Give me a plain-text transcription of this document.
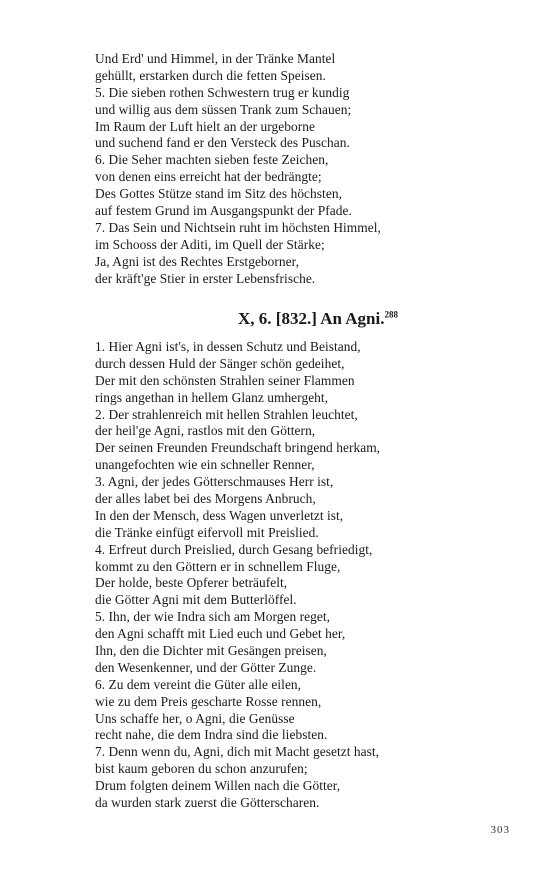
Und Erd' und Himmel, in der Tränke Mantel
gehüllt, erstarken durch die fetten Speisen.
5. Die sieben rothen Schwestern trug er kundig
und willig aus dem süssen Trank zum Schauen;
Im Raum der Luft hielt an der urgeborne
und suchend fand er den Versteck des Puschan.
6. Die Seher machten sieben feste Zeichen,
von denen eins erreicht hat der bedrängte;
Des Gottes Stütze stand im Sitz des höchsten,
auf festem Grund im Ausgangspunkt der Pfade.
7. Das Sein und Nichtsein ruht im höchsten Himmel,
im Schooss der Aditi, im Quell der Stärke;
Ja, Agni ist des Rechtes Erstgeborner,
der kräft'ge Stier in erster Lebensfrische.
X, 6. [832.] An Agni.$^{288}$
1. Hier Agni ist's, in dessen Schutz und Beistand,
durch dessen Huld der Sänger schön gedeihet,
Der mit den schönsten Strahlen seiner Flammen
rings angethan in hellem Glanz umhergeht,
2. Der strahlenreich mit hellen Strahlen leuchtet,
der heil'ge Agni, rastlos mit den Göttern,
Der seinen Freunden Freundschaft bringend herkam,
unangefochten wie ein schneller Renner,
3. Agni, der jedes Götterschmauses Herr ist,
der alles labet bei des Morgens Anbruch,
In den der Mensch, dess Wagen unverletzt ist,
die Tränke einfügt eifervoll mit Preislied.
4. Erfreut durch Preislied, durch Gesang befriedigt,
kommt zu den Göttern er in schnellem Fluge,
Der holde, beste Opferer beträufelt,
die Götter Agni mit dem Butterlöffel.
5. Ihn, der wie Indra sich am Morgen reget,
den Agni schafft mit Lied euch und Gebet her,
Ihn, den die Dichter mit Gesängen preisen,
den Wesenkenner, und der Götter Zunge.
6. Zu dem vereint die Güter alle eilen,
wie zu dem Preis gescharte Rosse rennen,
Uns schaffe her, o Agni, die Genüsse
recht nahe, die dem Indra sind die liebsten.
7. Denn wenn du, Agni, dich mit Macht gesetzt hast,
bist kaum geboren du schon anzurufen;
Drum folgten deinem Willen nach die Götter,
da wurden stark zuerst die Götterscharen.
303
